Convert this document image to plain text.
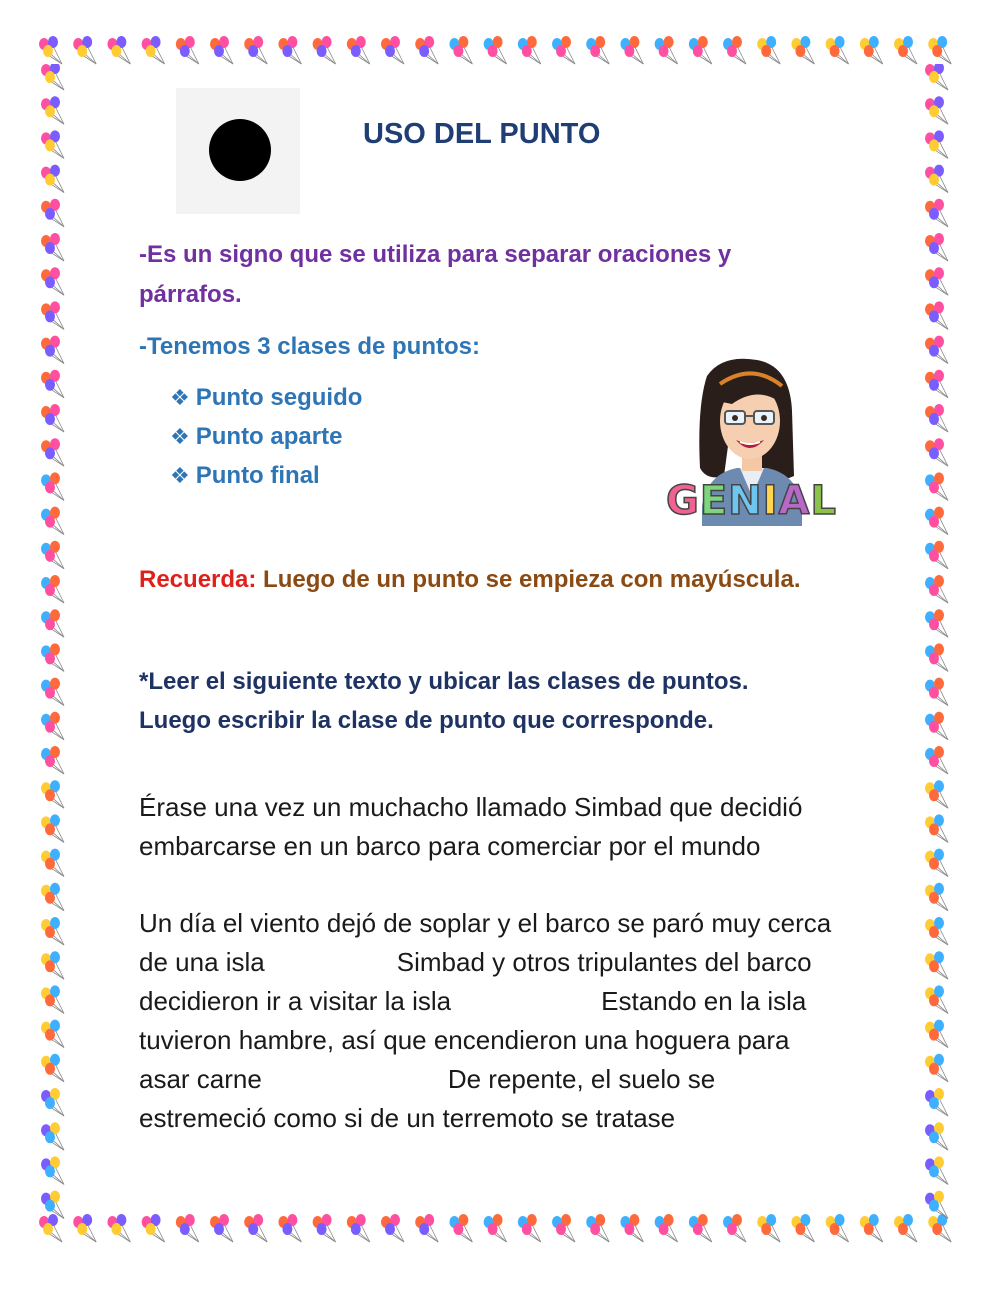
USO DEL PUNTO
-Es un signo que se utiliza para separar oraciones y párrafos.
-Tenemos 3 clases de puntos:
❖ Punto seguido
❖ Punto aparte
❖ Punto final
GENIAL
Recuerda: Luego de un punto se empieza con mayúscula.
*Leer el siguiente texto y ubicar las clases de puntos.
Luego escribir la clase de punto que corresponde.
Érase una vez un muchacho llamado Simbad que decidió
embarcarse en un barco para comerciar por el mundo
Un día el viento dejó de soplar y el barco se paró muy cerca
de una isla	Simbad y otros tripulantes del barco
decidieron ir a visitar la isla	Estando en la isla
tuvieron hambre, así que encendieron una hoguera para
asar carne	De repente, el suelo se
estremeció como si de un terremoto se tratase
